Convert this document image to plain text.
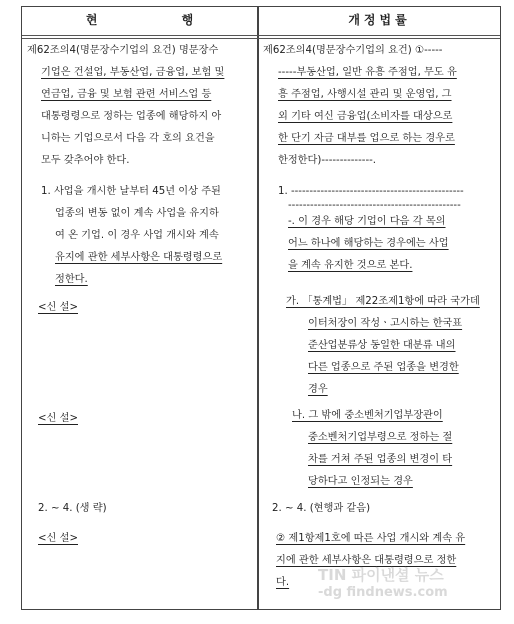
현 행	개정법률
제62조의4(명문장수기업의 요건) 명문장수
기업은 건설업, 부동산업, 금융업, 보험 및
연금업, 금융 및 보험 관련 서비스업 등
대통령령으로 정하는 업종에 해당하지 아
니하는 기업으로서 다음 각 호의 요건을
모두 갖추어야 한다.
1. 사업을 개시한 날부터 45년 이상 주된
업종의 변동 없이 계속 사업을 유지하
여 온 기업. 이 경우 사업 개시와 계속
유지에 관한 세부사항은 대통령령으로
정한다.
<신 설>
<신 설>
2. ~ 4. (생 략)
<신 설>
제62조의4(명문장수기업의 요건) ①-----
-----부동산업, 일반 유흥 주점업, 무도 유
흥 주점업, 사행시설 관리 및 운영업, 그
외 기타 여신 금융업(소비자를 대상으로
한 단기 자금 대부를 업으로 하는 경우로
한정한다)--------------.
1. -----------------------------------------------
-----------------------------------------------
-. 이 경우 해당 기업이 다음 각 목의
어느 하나에 해당하는 경우에는 사업
을 계속 유지한 것으로 본다.
가. 「통계법」 제22조제1항에 따라 국가데
이터처장이 작성ㆍ고시하는 한국표
준산업분류상 동일한 대분류 내의
다른 업종으로 주된 업종을 변경한
경우
나. 그 밖에 중소벤처기업부장관이
중소벤처기업부령으로 정하는 절
차를 거쳐 주된 업종의 변경이 타
당하다고 인정되는 경우
2. ~ 4. (현행과 같음)
② 제1항제1호에 따른 사업 개시와 계속 유
지에 관한 세부사항은 대통령령으로 정한
다. TIN 파이낸셜 뉴스
-dg findnews.com
